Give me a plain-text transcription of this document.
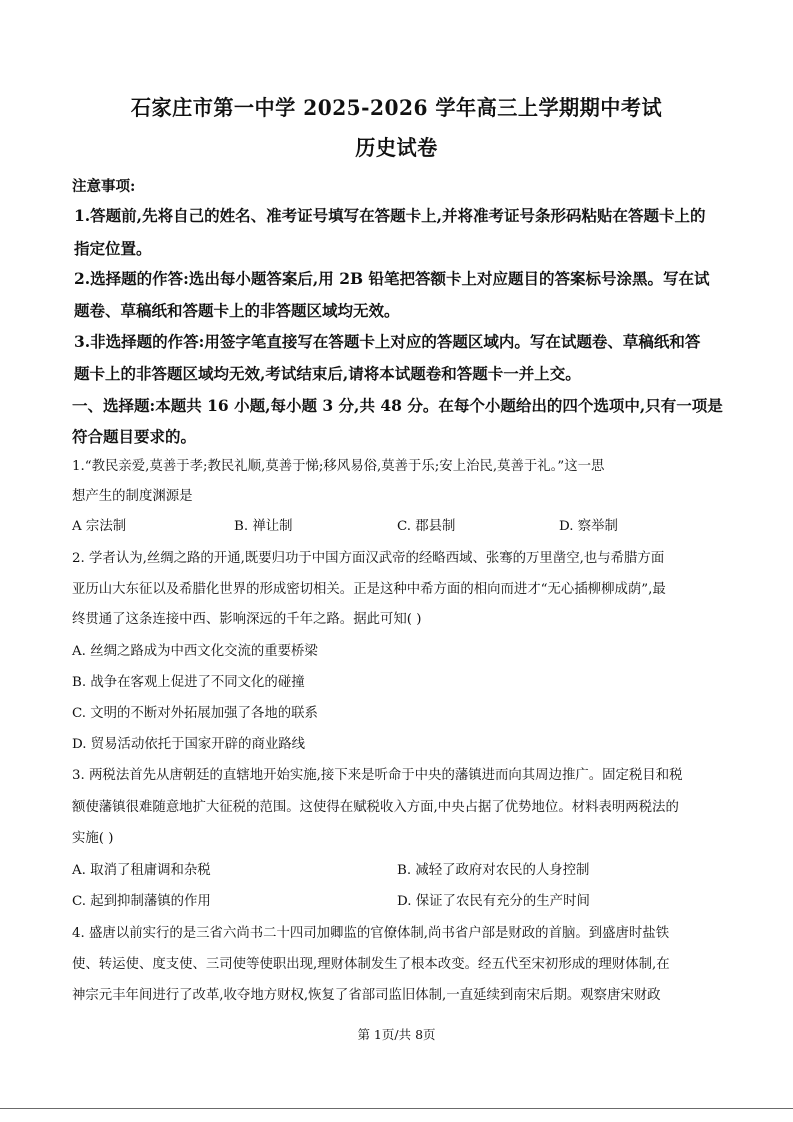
石家庄市第一中学 2025-2026 学年高三上学期期中考试
历史试卷
注意事项:
1.答题前,先将自己的姓名、准考证号填写在答题卡上,并将准考证号条形码粘贴在答题卡上的
指定位置。
2.选择题的作答:选出每小题答案后,用 2B 铅笔把答额卡上对应题目的答案标号涂黑。写在试
题卷、草稿纸和答题卡上的非答题区域均无效。
3.非选择题的作答:用签字笔直接写在答题卡上对应的答题区域内。写在试题卷、草稿纸和答
题卡上的非答题区域均无效,考试结束后,请将本试题卷和答题卡一并上交。
一、选择题:本题共 16 小题,每小题 3 分,共 48 分。在每个小题给出的四个选项中,只有一项是
符合题目要求的。
1.“教民亲爱,莫善于孝;教民礼顺,莫善于悌;移风易俗,莫善于乐;安上治民,莫善于礼。”这一思
想产生的制度渊源是
A 宗法制	B. 禅让制	C. 郡县制	D. 察举制
2. 学者认为,丝绸之路的开通,既要归功于中国方面汉武帝的经略西域、张骞的万里凿空,也与希腊方面
亚历山大东征以及希腊化世界的形成密切相关。正是这种中希方面的相向而进才“无心插柳柳成荫”,最
终贯通了这条连接中西、影响深远的千年之路。据此可知( )
A. 丝绸之路成为中西文化交流的重要桥梁
B. 战争在客观上促进了不同文化的碰撞
C. 文明的不断对外拓展加强了各地的联系
D. 贸易活动依托于国家开辟的商业路线
3. 两税法首先从唐朝廷的直辖地开始实施,接下来是听命于中央的藩镇进而向其周边推广。固定税目和税
额使藩镇很难随意地扩大征税的范围。这使得在赋税收入方面,中央占据了优势地位。材料表明两税法的
实施( )
A. 取消了租庸调和杂税	B. 减轻了政府对农民的人身控制
C. 起到抑制藩镇的作用	D. 保证了农民有充分的生产时间
4. 盛唐以前实行的是三省六尚书二十四司加卿监的官僚体制,尚书省户部是财政的首脑。到盛唐时盐铁
使、转运使、度支使、三司使等使职出现,理财体制发生了根本改变。经五代至宋初形成的理财体制,在
神宗元丰年间进行了改革,收夺地方财权,恢复了省部司监旧体制,一直延续到南宋后期。观察唐宋财政
第 1页/共 8页
